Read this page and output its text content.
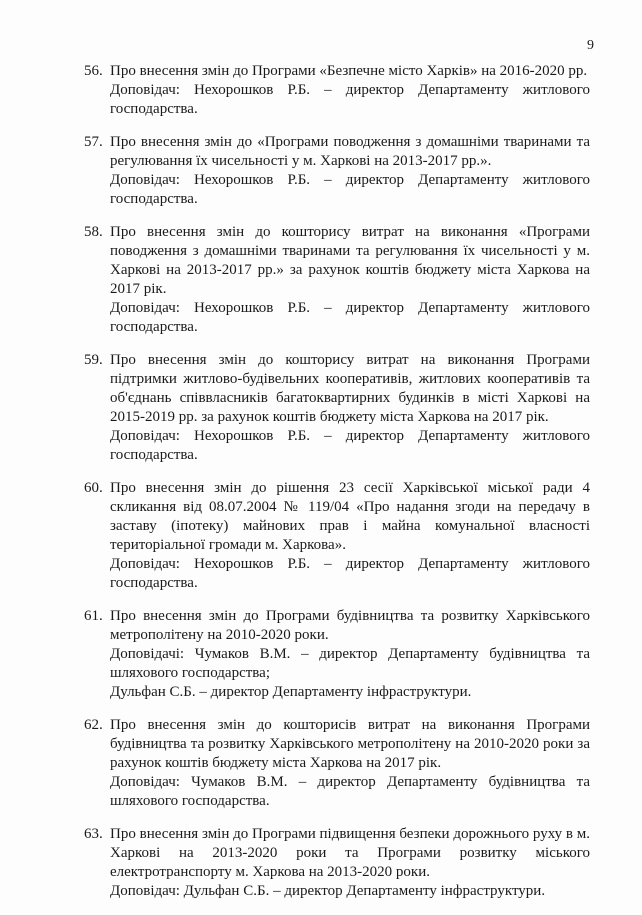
9
56. Про внесення змін до Програми «Безпечне місто Харків» на 2016-2020 рр.
Доповідач: Нехорошков Р.Б. – директор Департаменту житлового господарства.
57. Про внесення змін до «Програми поводження з домашніми тваринами та регулювання їх чисельності у м. Харкові на 2013-2017 рр.».
Доповідач: Нехорошков Р.Б. – директор Департаменту житлового господарства.
58. Про внесення змін до кошторису витрат на виконання «Програми поводження з домашніми тваринами та регулювання їх чисельності у м. Харкові на 2013-2017 рр.» за рахунок коштів бюджету міста Харкова на 2017 рік.
Доповідач: Нехорошков Р.Б. – директор Департаменту житлового господарства.
59. Про внесення змін до кошторису витрат на виконання Програми підтримки житлово-будівельних кооперативів, житлових кооперативів та об'єднань співвласників багатоквартирних будинків в місті Харкові на 2015-2019 рр. за рахунок коштів бюджету міста Харкова на 2017 рік.
Доповідач: Нехорошков Р.Б. – директор Департаменту житлового господарства.
60. Про внесення змін до рішення 23 сесії Харківської міської ради 4 скликання від 08.07.2004 № 119/04 «Про надання згоди на передачу в заставу (іпотеку) майнових прав і майна комунальної власності територіальної громади м. Харкова».
Доповідач: Нехорошков Р.Б. – директор Департаменту житлового господарства.
61. Про внесення змін до Програми будівництва та розвитку Харківського метрополітену на 2010-2020 роки.
Доповідачі: Чумаков В.М. – директор Департаменту будівництва та шляхового господарства;
Дульфан С.Б. – директор Департаменту інфраструктури.
62. Про внесення змін до кошторисів витрат на виконання Програми будівництва та розвитку Харківського метрополітену на 2010-2020 роки за рахунок коштів бюджету міста Харкова на 2017 рік.
Доповідач: Чумаков В.М. – директор Департаменту будівництва та шляхового господарства.
63. Про внесення змін до Програми підвищення безпеки дорожнього руху в м. Харкові на 2013-2020 роки та Програми розвитку міського електротранспорту м. Харкова на 2013-2020 роки.
Доповідач: Дульфан С.Б. – директор Департаменту інфраструктури.
